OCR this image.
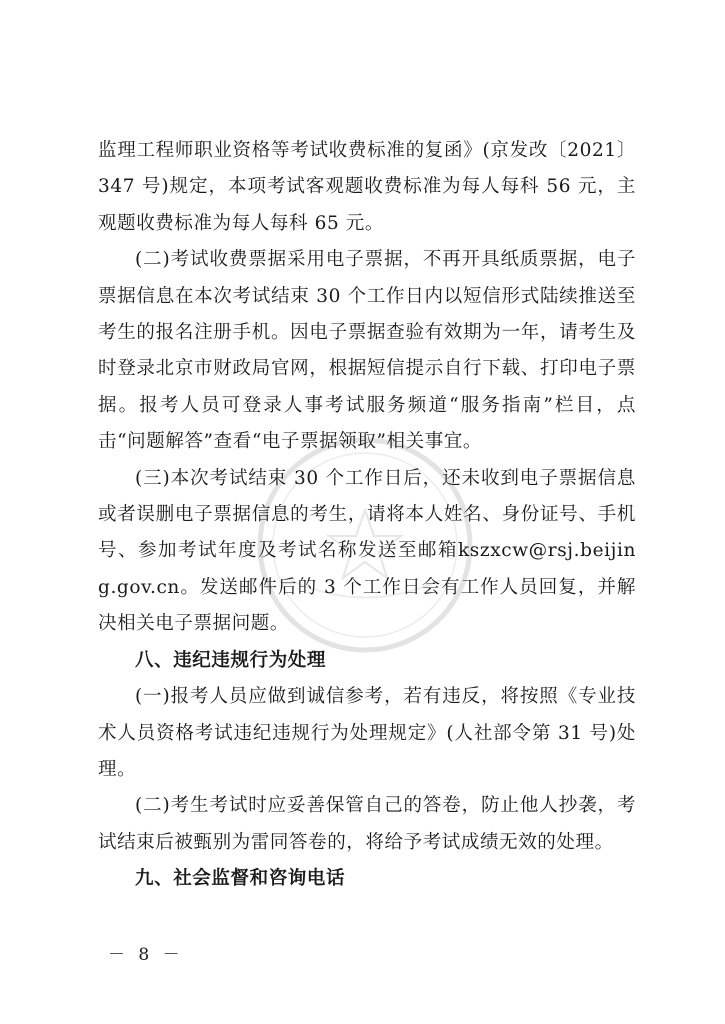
监理工程师职业资格等考试收费标准的复函》(京发改〔2021〕347 号)规定，本项考试客观题收费标准为每人每科 56 元，主观题收费标准为每人每科 65 元。

(二)考试收费票据采用电子票据，不再开具纸质票据，电子票据信息在本次考试结束 30 个工作日内以短信形式陆续推送至考生的报名注册手机。因电子票据查验有效期为一年，请考生及时登录北京市财政局官网，根据短信提示自行下载、打印电子票据。报考人员可登录人事考试服务频道“服务指南”栏目，点击“问题解答”查看“电子票据领取”相关事宜。

(三)本次考试结束 30 个工作日后，还未收到电子票据信息或者误删电子票据信息的考生，请将本人姓名、身份证号、手机号、参加考试年度及考试名称发送至邮箱kszxcw@rsj.beijing.gov.cn。发送邮件后的 3 个工作日会有工作人员回复，并解决相关电子票据问题。

八、违纪违规行为处理

(一)报考人员应做到诚信参考，若有违反，将按照《专业技术人员资格考试违纪违规行为处理规定》(人社部令第 31 号)处理。

(二)考生考试时应妥善保管自己的答卷，防止他人抄袭，考试结束后被甄别为雷同答卷的，将给予考试成绩无效的处理。

九、社会监督和咨询电话

－ 8 －
